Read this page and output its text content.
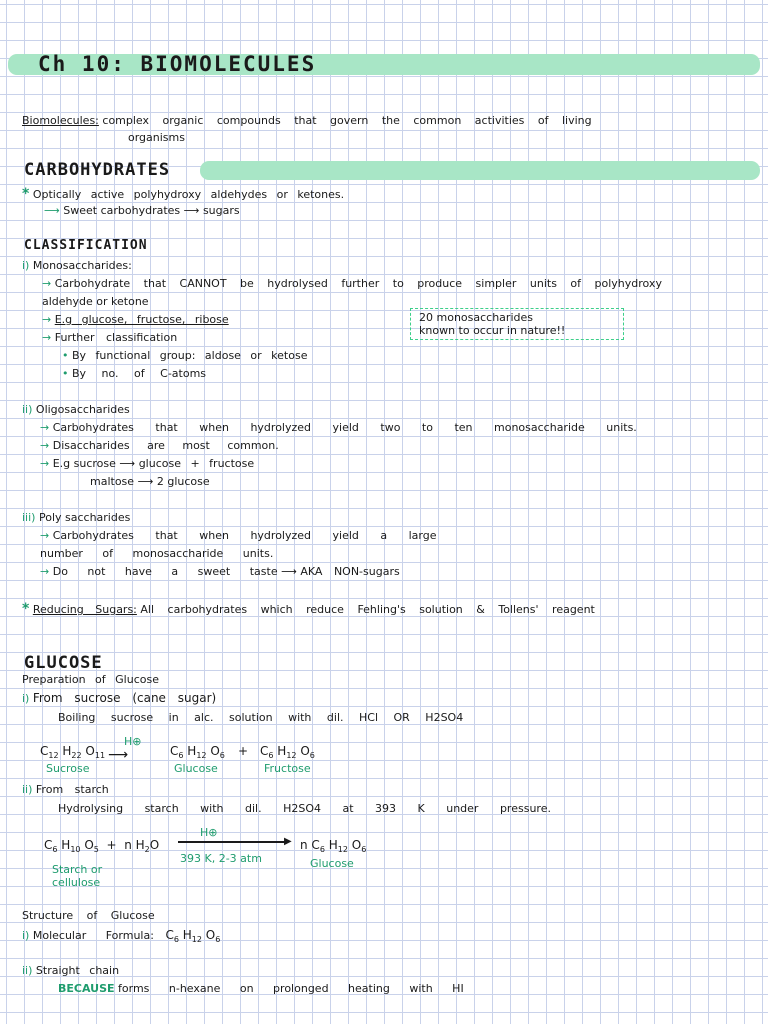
Ch 10: BIOMOLECULES
Biomolecules: complex organic compounds that govern the common activities of living
organisms
CARBOHYDRATES
* Optically active polyhydroxy aldehydes or ketones.
⟶ Sweet carbohydrates ⟶ sugars
CLASSIFICATION
i) Monosaccharides:
→ Carbohydrate that CANNOT be hydrolysed further to produce simpler units of polyhydroxy
aldehyde or ketone
→ E.g glucose, fructose, ribose
→ Further classification
• By functional group: aldose or ketose
• By no. of C-atoms
20 monosaccharides
known to occur in nature!!
ii) Oligosaccharides
→ Carbohydrates that when hydrolyzed yield two to ten monosaccharide units.
→ Disaccharides are most common.
→ E.g sucrose ⟶ glucose + fructose
maltose ⟶ 2 glucose
iii) Poly saccharides
→ Carbohydrates that when hydrolyzed yield a large
number of monosaccharide units.
→ Do not have a sweet taste ⟶ AKA NON-sugars
* Reducing Sugars: All carbohydrates which reduce Fehling's solution & Tollens' reagent
GLUCOSE
Preparation of Glucose
i) From sucrose (cane sugar)
Boiling sucrose in alc. solution with dil. HCl OR H2SO4
$C_{12}$ $H_{22}$ $O_{11}$
H⊕
⟶	$C_6$ $H_{12}$ $O_6 + C_6$ $H_{12}$ $O_6$
Sucrose	Glucose	Fructose
ii) From starch
Hydrolysing starch with dil. H2SO4 at 393 K under pressure.
$C_6$ $H_{10}$ $O_5 + n$ $H_2O$
H⊕
▶
393 K, 2-3 atm
n $C_6$ $H_{12}$ $O_6$
Starch or
cellulose
Glucose
Structure of Glucose
i) Molecular Formula: $C_6$ $H_{12}$ $O_6$
ii) Straight chain
BECAUSE forms n-hexane on prolonged heating with HI
